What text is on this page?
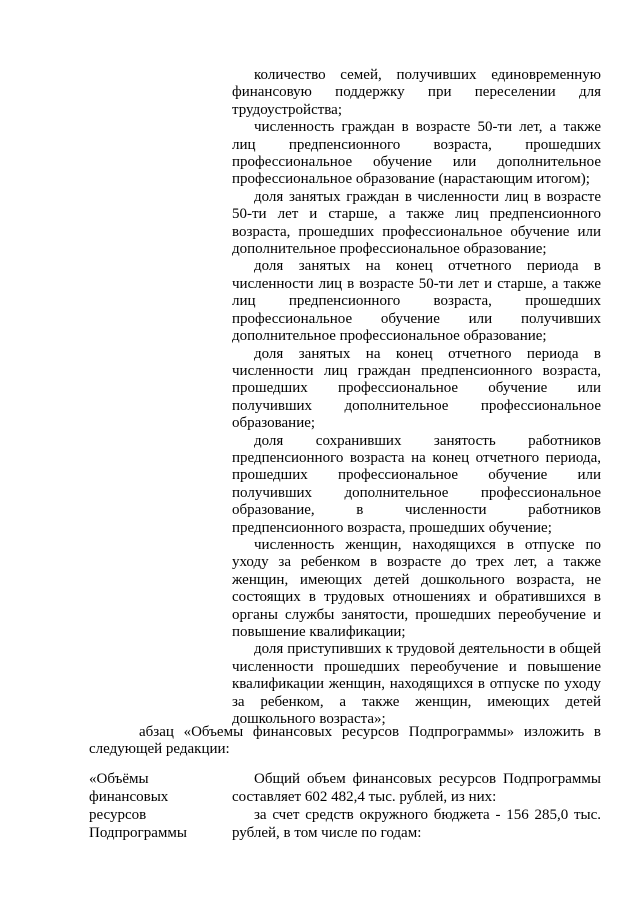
количество семей, получивших единовременную финансовую поддержку при переселении для трудоустройства;

численность граждан в возрасте 50-ти лет, а также лиц предпенсионного возраста, прошедших профессиональное обучение или дополнительное профессиональное образование (нарастающим итогом);

доля занятых граждан в численности лиц в возрасте 50-ти лет и старше, а также лиц предпенсионного возраста, прошедших профессиональное обучение или дополнительное профессиональное образование;

доля занятых на конец отчетного периода в численности лиц в возрасте 50-ти лет и старше, а также лиц предпенсионного возраста, прошедших профессиональное обучение или получивших дополнительное профессиональное образование;

доля занятых на конец отчетного периода в численности лиц граждан предпенсионного возраста, прошедших профессиональное обучение или получивших дополнительное профессиональное образование;

доля сохранивших занятость работников предпенсионного возраста на конец отчетного периода, прошедших профессиональное обучение или получивших дополнительное профессиональное образование, в численности работников предпенсионного возраста, прошедших обучение;

численность женщин, находящихся в отпуске по уходу за ребенком в возрасте до трех лет, а также женщин, имеющих детей дошкольного возраста, не состоящих в трудовых отношениях и обратившихся в органы службы занятости, прошедших переобучение и повышение квалификации;

доля приступивших к трудовой деятельности в общей численности прошедших переобучение и повышение квалификации женщин, находящихся в отпуске по уходу за ребенком, а также женщин, имеющих детей дошкольного возраста»;

абзац «Объемы финансовых ресурсов Подпрограммы» изложить в следующей редакции:

«Объёмы
финансовых
ресурсов
Подпрограммы

Общий объем финансовых ресурсов Подпрограммы составляет 602 482,4 тыс. рублей, из них:

за счет средств окружного бюджета - 156 285,0 тыс. рублей, в том числе по годам:
